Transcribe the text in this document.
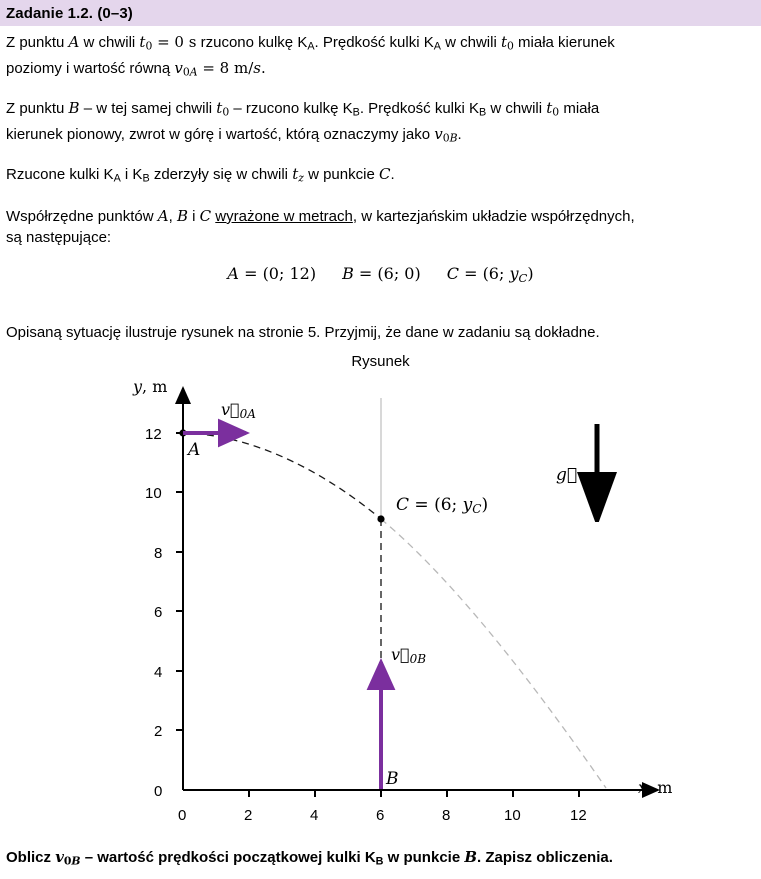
Zadanie 1.2. (0–3)
Z punktu A w chwili $t_0 = 0$ s rzucono kulkę $K_A$. Prędkość kulki $K_A$ w chwili $t_0$ miała kierunek
poziomy i wartość równą $v_{0A} = 8$ m/s.
Z punktu B – w tej samej chwili $t_0$ – rzucono kulkę $K_B$. Prędkość kulki $K_B$ w chwili $t_0$ miała
kierunek pionowy, zwrot w górę i wartość, którą oznaczymy jako $v_{0B}$.
Rzucone kulki $K_A$ i $K_B$ zderzyły się w chwili $t_z$ w punkcie C.
Współrzędne punktów A, B i C wyrażone w metrach, w kartezjańskim układzie współrzędnych,
są następujące:
A = (0; 12) B = (6; 0) C = (6; $y_C$)
Opisaną sytuację ilustruje rysunek na stronie 5. Przyjmij, że dane w zadaniu są dokładne.
Rysunek
y, m
x, m
12
10
8
6
4
2
0
0	2	4	6	8	10	12
A
B
C = (6; yC)
v⃗0A
v⃗0B
g⃗
Oblicz $v_{0B}$ – wartość prędkości początkowej kulki $K_B$ w punkcie B. Zapisz obliczenia.
